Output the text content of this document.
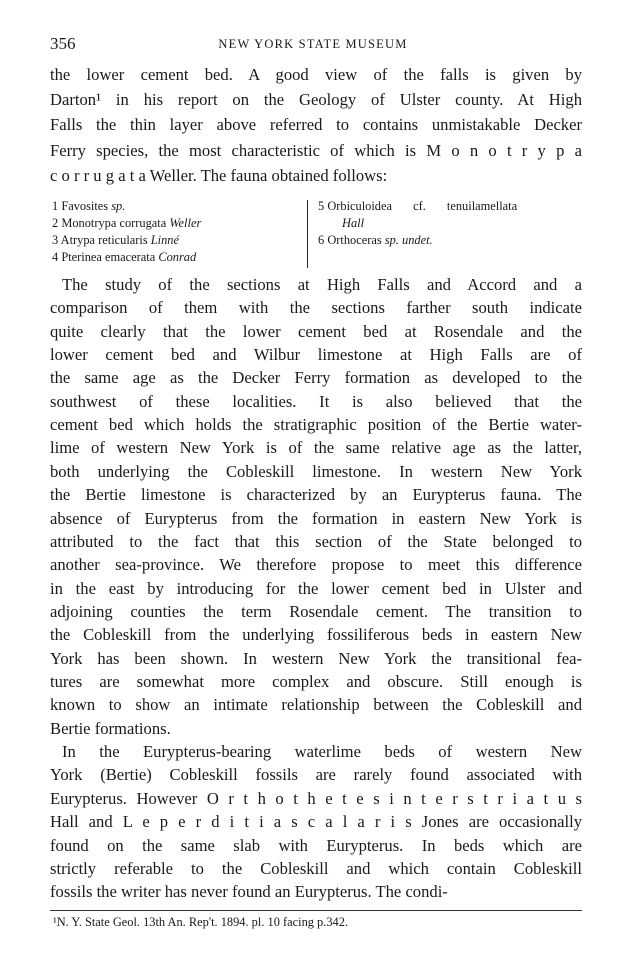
356	NEW YORK STATE MUSEUM
the lower cement bed. A good view of the falls is given by
Darton¹ in his report on the Geology of Ulster county. At High
Falls the thin layer above referred to contains unmistakable Decker
Ferry species, the most characteristic of which is M o n o t r y p a
c o r r u g a t a Weller. The fauna obtained follows:
1 Favosites sp.
2 Monotrypa corrugata Weller
3 Atrypa reticularis Linné
4 Pterinea emacerata Conrad
5 Orbiculoidea cf. tenuilamellata
Hall
6 Orthoceras sp. undet.
The study of the sections at High Falls and Accord and a
comparison of them with the sections farther south indicate
quite clearly that the lower cement bed at Rosendale and the
lower cement bed and Wilbur limestone at High Falls are of
the same age as the Decker Ferry formation as developed to the
southwest of these localities. It is also believed that the
cement bed which holds the stratigraphic position of the Bertie water-
lime of western New York is of the same relative age as the latter,
both underlying the Cobleskill limestone. In western New York
the Bertie limestone is characterized by an Eurypterus fauna. The
absence of Eurypterus from the formation in eastern New York is
attributed to the fact that this section of the State belonged to
another sea-province. We therefore propose to meet this difference
in the east by introducing for the lower cement bed in Ulster and
adjoining counties the term Rosendale cement. The transition to
the Cobleskill from the underlying fossiliferous beds in eastern New
York has been shown. In western New York the transitional fea-
tures are somewhat more complex and obscure. Still enough is
known to show an intimate relationship between the Cobleskill and
Bertie formations.
In the Eurypterus-bearing waterlime beds of western New
York (Bertie) Cobleskill fossils are rarely found associated with
Eurypterus. However O r t h o t h e t e s i n t e r s t r i a t u s
Hall and L e p e r d i t i a s c a l a r i s Jones are occasionally
found on the same slab with Eurypterus. In beds which are
strictly referable to the Cobleskill and which contain Cobleskill
fossils the writer has never found an Eurypterus. The condi-
¹N. Y. State Geol. 13th An. Rep't. 1894. pl. 10 facing p.342.
